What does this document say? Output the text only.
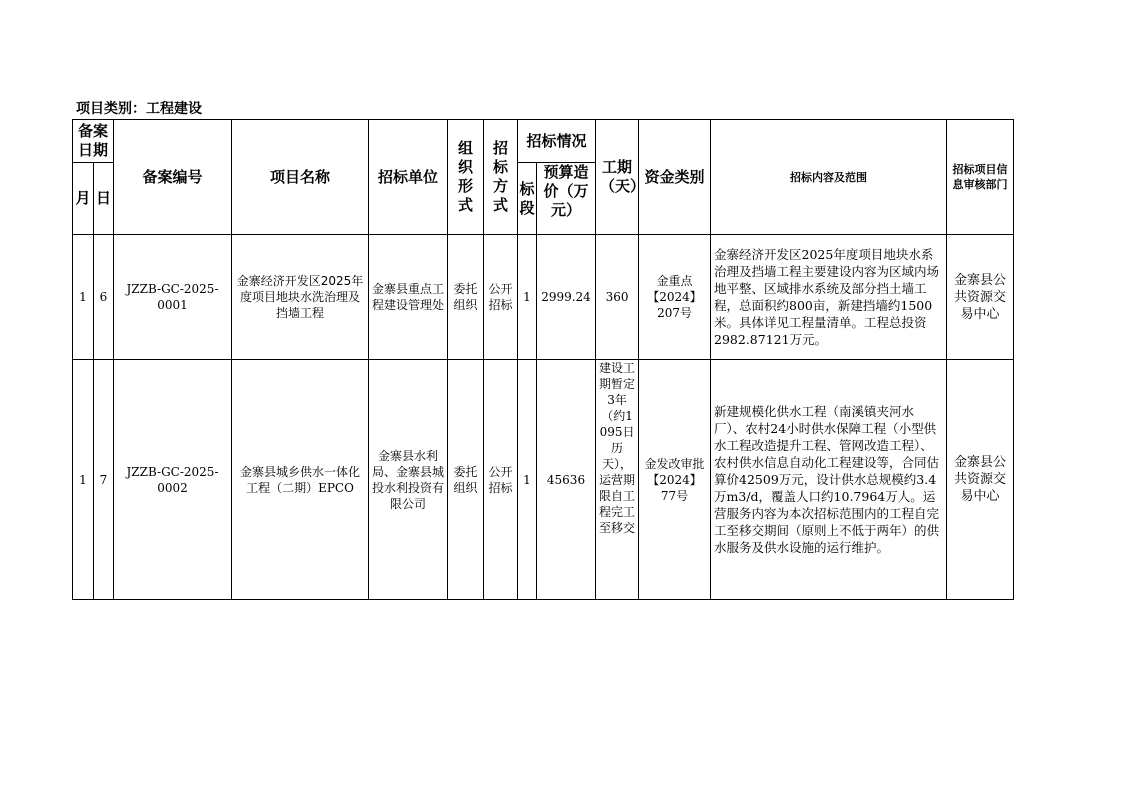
项目类别：工程建设
备案日期		备案编号	项目名称	招标单位	组织形式	招标方式	招标情况		工期（天）	资金类别	招标内容及范围	招标项目信息审核部门

月	日						标段	预算造价（万元）				

1	6	JZZB-GC-2025-0001	金寨经济开发区2025年度项目地块水洗治理及挡墙工程	金寨县重点工程建设管理处	委托组织	公开招标	1	2999.24	360	金重点【2024】207号	金寨经济开发区2025年度项目地块水系治理及挡墙工程主要建设内容为区域内场地平整、区域排水系统及部分挡土墙工程，总面积约800亩，新建挡墙约1500米。具体详见工程量清单。工程总投资2982.87121万元。	金寨县公共资源交易中心

1	7	JZZB-GC-2025-0002	金寨县城乡供水一体化工程（二期）EPCO	金寨县水利局、金寨县城投水利投资有限公司	委托组织	公开招标	1	45636	建设工期暂定3年（约1095日历天），运营期限自工程完工至移交	金发改审批【2024】77号	新建规模化供水工程（南溪镇夹河水厂）、农村24小时供水保障工程（小型供水工程改造提升工程、管网改造工程）、农村供水信息自动化工程建设等，合同估算价42509万元，设计供水总规模约3.4万m3/d，覆盖人口约10.7964万人。运营服务内容为本次招标范围内的工程自完工至移交期间（原则上不低于两年）的供水服务及供水设施的运行维护。	金寨县公共资源交易中心
